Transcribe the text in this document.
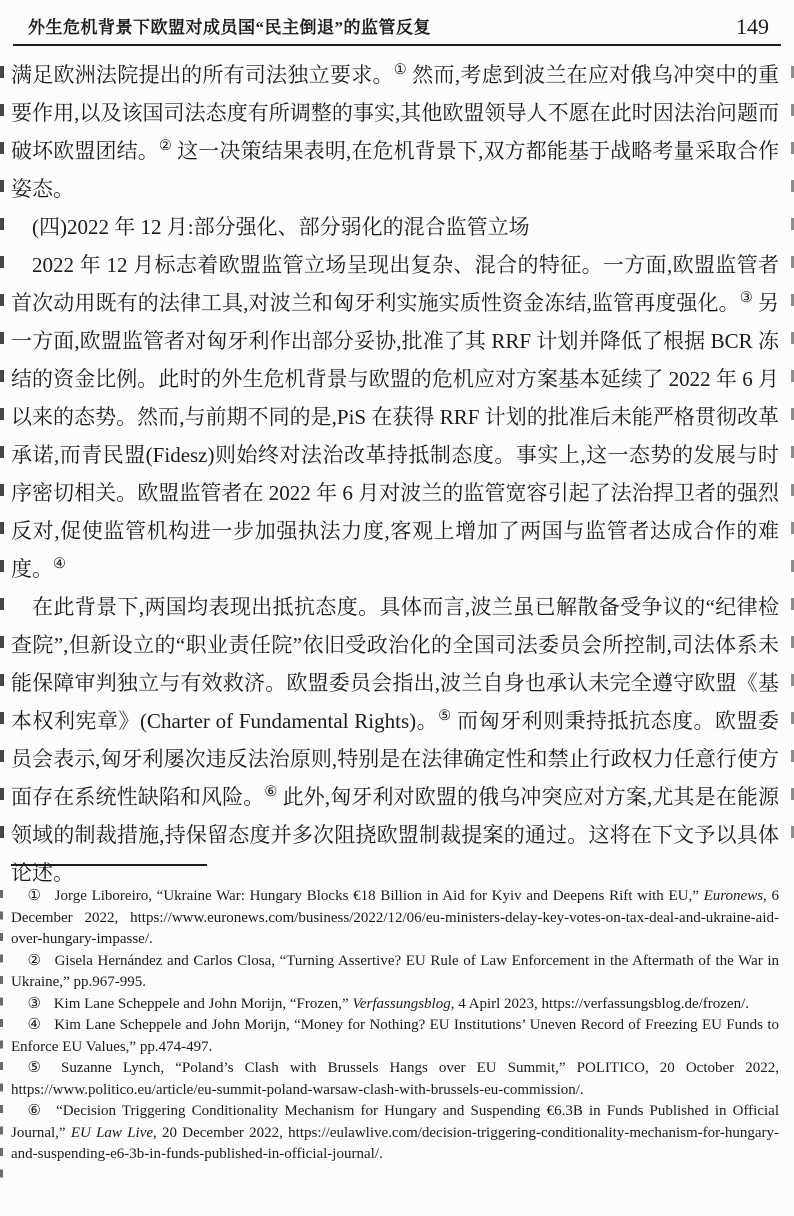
外生危机背景下欧盟对成员国“民主倒退”的监管反复	149

满足欧洲法院提出的所有司法独立要求。① 然而,考虑到波兰在应对俄乌冲突中的重要作用,以及该国司法态度有所调整的事实,其他欧盟领导人不愿在此时因法治问题而破坏欧盟团结。② 这一决策结果表明,在危机背景下,双方都能基于战略考量采取合作姿态。

(四)2022 年 12 月:部分强化、部分弱化的混合监管立场

2022 年 12 月标志着欧盟监管立场呈现出复杂、混合的特征。一方面,欧盟监管者首次动用既有的法律工具,对波兰和匈牙利实施实质性资金冻结,监管再度强化。③ 另一方面,欧盟监管者对匈牙利作出部分妥协,批准了其 RRF 计划并降低了根据 BCR 冻结的资金比例。此时的外生危机背景与欧盟的危机应对方案基本延续了 2022 年 6 月以来的态势。然而,与前期不同的是,PiS 在获得 RRF 计划的批准后未能严格贯彻改革承诺,而青民盟(Fidesz)则始终对法治改革持抵制态度。事实上,这一态势的发展与时序密切相关。欧盟监管者在 2022 年 6 月对波兰的监管宽容引起了法治捍卫者的强烈反对,促使监管机构进一步加强执法力度,客观上增加了两国与监管者达成合作的难度。④

在此背景下,两国均表现出抵抗态度。具体而言,波兰虽已解散备受争议的“纪律检查院”,但新设立的“职业责任院”依旧受政治化的全国司法委员会所控制,司法体系未能保障审判独立与有效救济。欧盟委员会指出,波兰自身也承认未完全遵守欧盟《基本权利宪章》(Charter of Fundamental Rights)。⑤ 而匈牙利则秉持抵抗态度。欧盟委员会表示,匈牙利屡次违反法治原则,特别是在法律确定性和禁止行政权力任意行使方面存在系统性缺陷和风险。⑥ 此外,匈牙利对欧盟的俄乌冲突应对方案,尤其是在能源领域的制裁措施,持保留态度并多次阻挠欧盟制裁提案的通过。这将在下文予以具体论述。

① Jorge Liboreiro, “Ukraine War: Hungary Blocks €18 Billion in Aid for Kyiv and Deepens Rift with EU,” Euronews, 6 December 2022, https://www.euronews.com/business/2022/12/06/eu-ministers-delay-key-votes-on-tax-deal-and-ukraine-aid-over-hungary-impasse/.

② Gisela Hernández and Carlos Closa, “Turning Assertive? EU Rule of Law Enforcement in the Aftermath of the War in Ukraine,” pp.967-995.

③ Kim Lane Scheppele and John Morijn, “Frozen,” Verfassungsblog, 4 Apirl 2023, https://verfassungsblog.de/frozen/.

④ Kim Lane Scheppele and John Morijn, “Money for Nothing? EU Institutions’ Uneven Record of Freezing EU Funds to Enforce EU Values,” pp.474-497.

⑤ Suzanne Lynch, “Poland’s Clash with Brussels Hangs over EU Summit,” POLITICO, 20 October 2022, https://www.politico.eu/article/eu-summit-poland-warsaw-clash-with-brussels-eu-commission/.

⑥ “Decision Triggering Conditionality Mechanism for Hungary and Suspending €6.3B in Funds Published in Official Journal,” EU Law Live, 20 December 2022, https://eulawlive.com/decision-triggering-conditionality-mechanism-for-hungary-and-suspending-e6-3b-in-funds-published-in-official-journal/.
